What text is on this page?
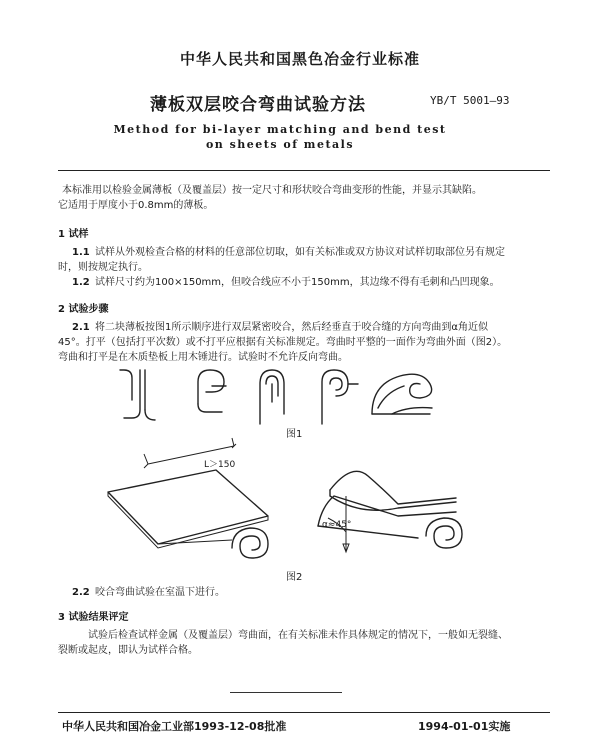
中华人民共和国黑色冶金行业标准
薄板双层咬合弯曲试验方法	YB/T 5001—93
Method for bi-layer matching and bend test
on sheets of metals
本标准用以检验金属薄板（及覆盖层）按一定尺寸和形状咬合弯曲变形的性能，并显示其缺陷。
它适用于厚度小于0.8mm的薄板。
1 试样
1.1 试样从外观检查合格的材料的任意部位切取，如有关标准或双方协议对试样切取部位另有规定
时，则按规定执行。
1.2 试样尺寸约为100×150mm，但咬合线应不小于150mm，其边缘不得有毛刺和凸凹现象。
2 试验步骤
2.1 将二块薄板按图1所示顺序进行双层紧密咬合，然后经垂直于咬合缝的方向弯曲到α角近似
45°。打平（包括打平次数）或不打平应根据有关标准规定。弯曲时平整的一面作为弯曲外面（图2）。
弯曲和打平是在木质垫板上用木锤进行。试验时不允许反向弯曲。
图1
L＞150
α≈45°
图2
2.2 咬合弯曲试验在室温下进行。
3 试验结果评定
试验后检查试样金属（及覆盖层）弯曲面，在有关标准未作具体规定的情况下，一般如无裂缝、
裂断或起皮，即认为试样合格。
中华人民共和国冶金工业部1993-12-08批准	1994-01-01实施
